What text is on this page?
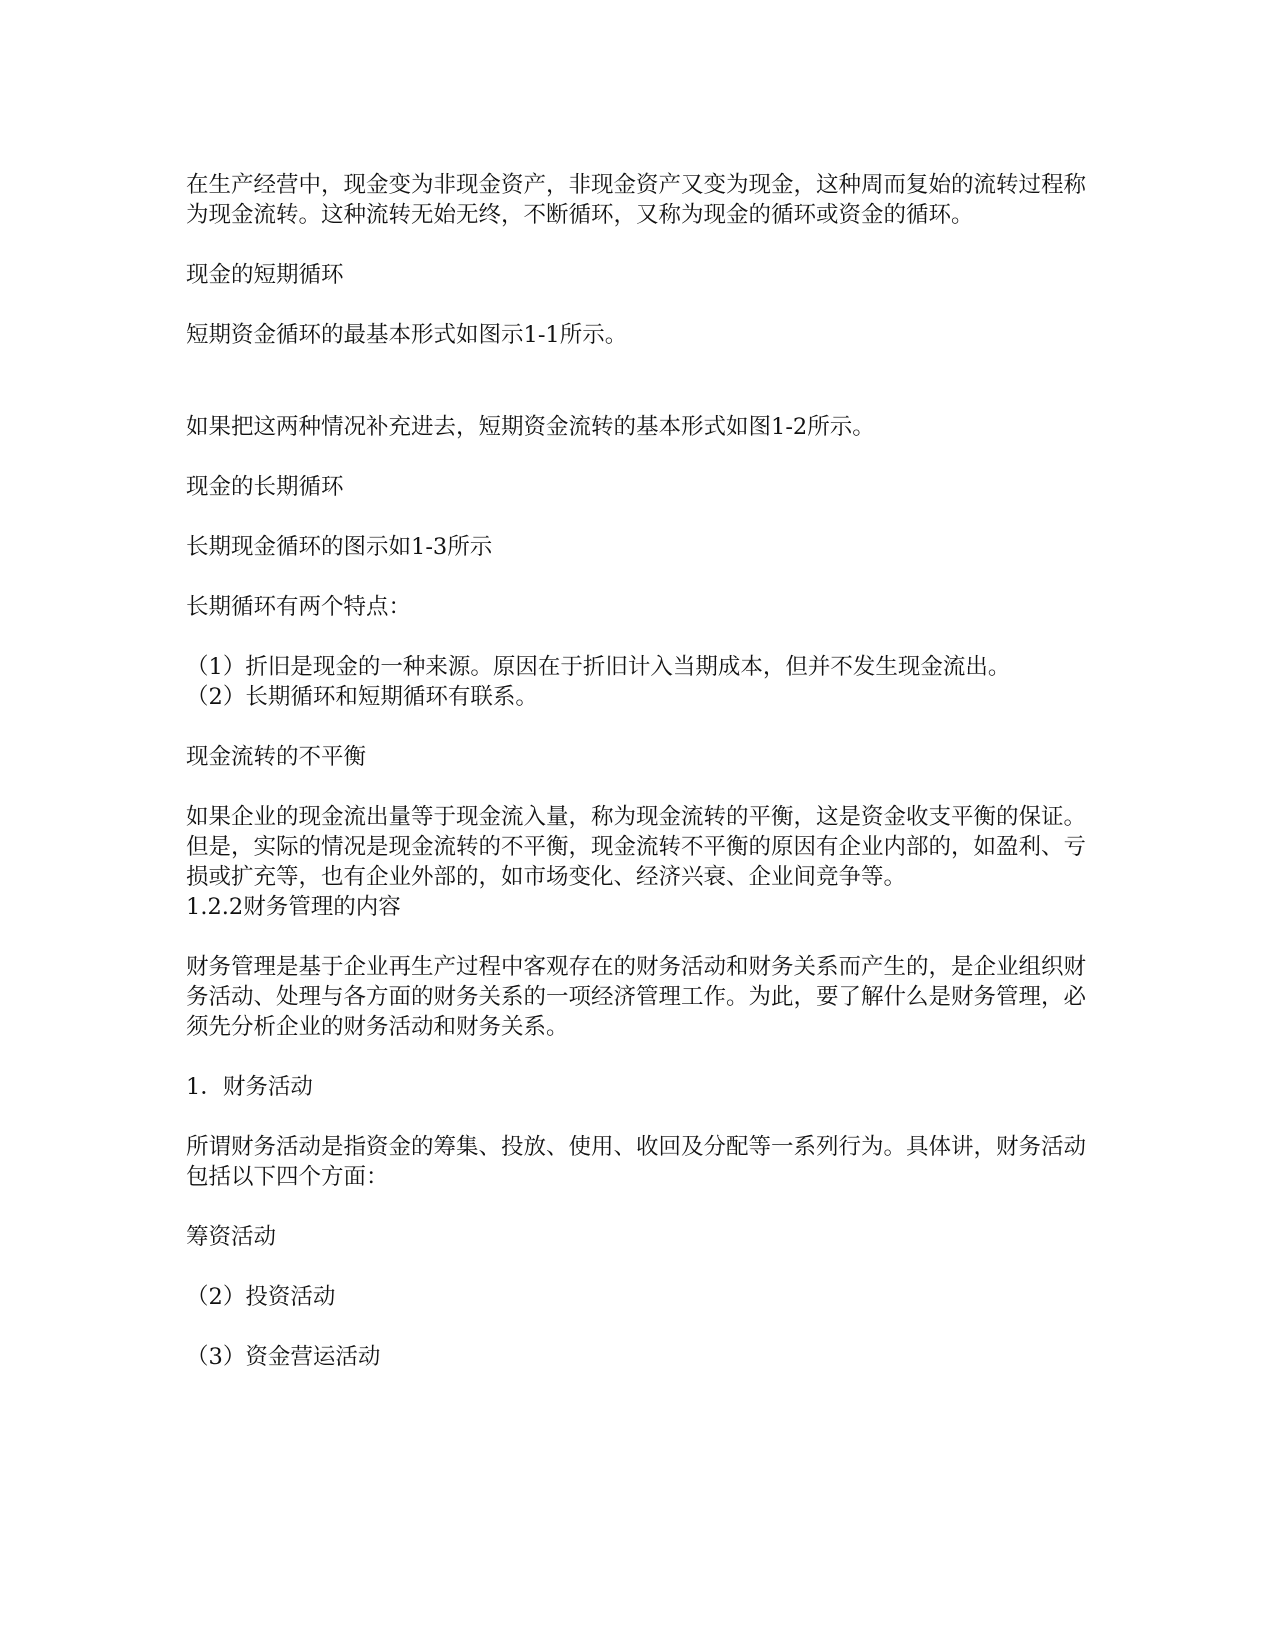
在生产经营中，现金变为非现金资产，非现金资产又变为现金，这种周而复始的流转过程称为现金流转。这种流转无始无终，不断循环，又称为现金的循环或资金的循环。

现金的短期循环

短期资金循环的最基本形式如图示1-1所示。

如果把这两种情况补充进去，短期资金流转的基本形式如图1-2所示。

现金的长期循环

长期现金循环的图示如1-3所示

长期循环有两个特点：

（1）折旧是现金的一种来源。原因在于折旧计入当期成本，但并不发生现金流出。

（2）长期循环和短期循环有联系。

现金流转的不平衡

如果企业的现金流出量等于现金流入量，称为现金流转的平衡，这是资金收支平衡的保证。但是，实际的情况是现金流转的不平衡，现金流转不平衡的原因有企业内部的，如盈利、亏损或扩充等，也有企业外部的，如市场变化、经济兴衰、企业间竞争等。

1.2.2财务管理的内容

财务管理是基于企业再生产过程中客观存在的财务活动和财务关系而产生的，是企业组织财务活动、处理与各方面的财务关系的一项经济管理工作。为此，要了解什么是财务管理，必须先分析企业的财务活动和财务关系。

1．财务活动

所谓财务活动是指资金的筹集、投放、使用、收回及分配等一系列行为。具体讲，财务活动包括以下四个方面：

筹资活动

（2）投资活动

（3）资金营运活动
